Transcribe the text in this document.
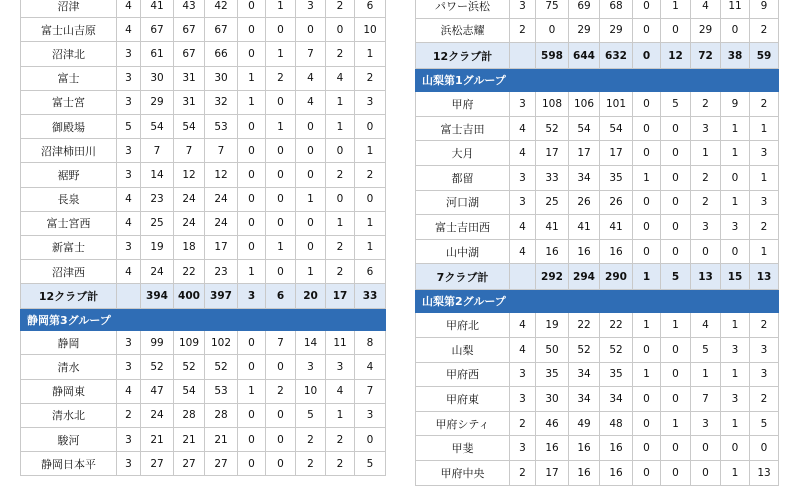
沼津	4	41	43	42	0	1	3	2	6
富士山吉原	4	67	67	67	0	0	0	0	10
沼津北	3	61	67	66	0	1	7	2	1
富士	3	30	31	30	1	2	4	4	2
富士宮	3	29	31	32	1	0	4	1	3
御殿場	5	54	54	53	0	1	0	1	0
沼津柿田川	3	7	7	7	0	0	0	0	1
裾野	3	14	12	12	0	0	0	2	2
長泉	4	23	24	24	0	0	1	0	0
富士宮西	4	25	24	24	0	0	0	1	1
新富士	3	19	18	17	0	1	0	2	1
沼津西	4	24	22	23	1	0	1	2	6
12クラブ計		394	400	397	3	6	20	17	33
静岡第3グループ									
静岡	3	99	109	102	0	7	14	11	8
清水	3	52	52	52	0	0	3	3	4
静岡東	4	47	54	53	1	2	10	4	7
清水北	2	24	28	28	0	0	5	1	3
駿河	3	21	21	21	0	0	2	2	0
静岡日本平	3	27	27	27	0	0	2	2	5
パワー浜松	3	75	69	68	0	1	4	11	9
浜松志耀	2	0	29	29	0	0	29	0	2
12クラブ計		598	644	632	0	12	72	38	59
山梨第1グループ									
甲府	3	108	106	101	0	5	2	9	2
富士吉田	4	52	54	54	0	0	3	1	1
大月	4	17	17	17	0	0	1	1	3
都留	3	33	34	35	1	0	2	0	1
河口湖	3	25	26	26	0	0	2	1	3
富士吉田西	4	41	41	41	0	0	3	3	2
山中湖	4	16	16	16	0	0	0	0	1
7クラブ計		292	294	290	1	5	13	15	13
山梨第2グループ									
甲府北	4	19	22	22	1	1	4	1	2
山梨	4	50	52	52	0	0	5	3	3
甲府西	3	35	34	35	1	0	1	1	3
甲府東	3	30	34	34	0	0	7	3	2
甲府シティ	2	46	49	48	0	1	3	1	5
甲斐	3	16	16	16	0	0	0	0	0
甲府中央	2	17	16	16	0	0	0	1	13
